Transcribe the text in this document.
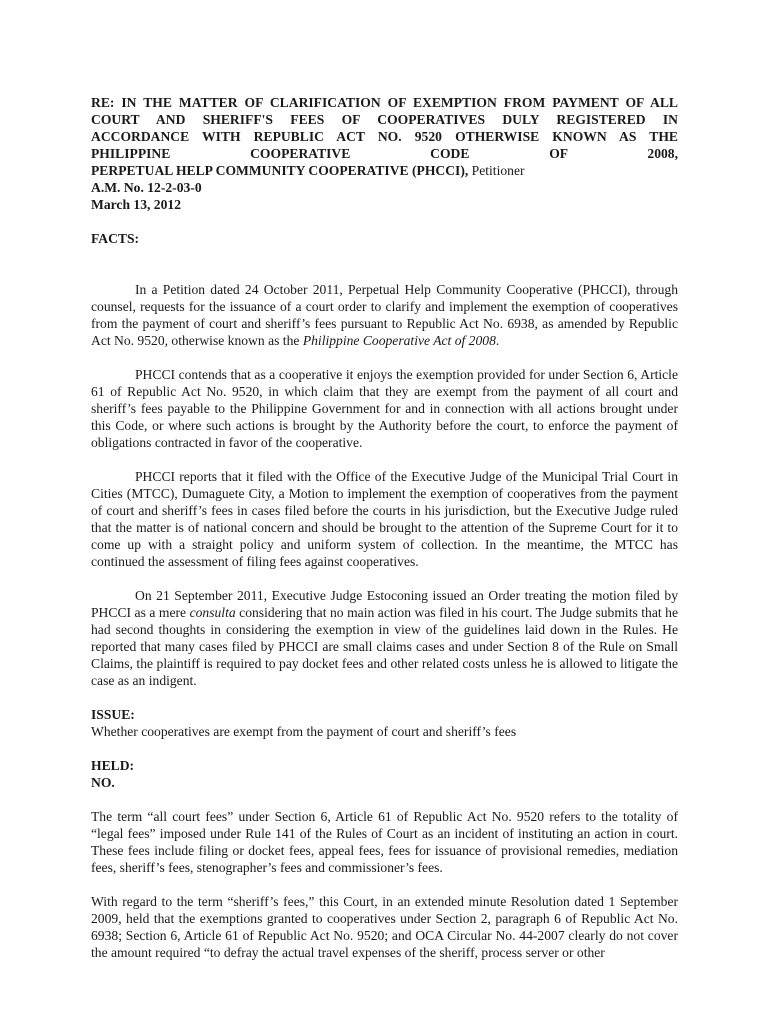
RE: IN THE MATTER OF CLARIFICATION OF EXEMPTION FROM PAYMENT OF ALL
COURT AND SHERIFF'S FEES OF COOPERATIVES DULY REGISTERED IN
ACCORDANCE WITH REPUBLIC ACT NO. 9520 OTHERWISE KNOWN AS THE
PHILIPPINE COOPERATIVE CODE OF 2008,
PERPETUAL HELP COMMUNITY COOPERATIVE (PHCCI), Petitioner
A.M. No. 12-2-03-0
March 13, 2012
FACTS:

In a Petition dated 24 October 2011, Perpetual Help Community Cooperative (PHCCI), through counsel, requests for the issuance of a court order to clarify and implement the exemption of cooperatives from the payment of court and sheriff’s fees pursuant to Republic Act No. 6938, as amended by Republic Act No. 9520, otherwise known as the Philippine Cooperative Act of 2008.

PHCCI contends that as a cooperative it enjoys the exemption provided for under Section 6, Article 61 of Republic Act No. 9520, in which claim that they are exempt from the payment of all court and sheriff’s fees payable to the Philippine Government for and in connection with all actions brought under this Code, or where such actions is brought by the Authority before the court, to enforce the payment of obligations contracted in favor of the cooperative.

PHCCI reports that it filed with the Office of the Executive Judge of the Municipal Trial Court in Cities (MTCC), Dumaguete City, a Motion to implement the exemption of cooperatives from the payment of court and sheriff’s fees in cases filed before the courts in his jurisdiction, but the Executive Judge ruled that the matter is of national concern and should be brought to the attention of the Supreme Court for it to come up with a straight policy and uniform system of collection. In the meantime, the MTCC has continued the assessment of filing fees against cooperatives.

On 21 September 2011, Executive Judge Estoconing issued an Order treating the motion filed by PHCCI as a mere consulta considering that no main action was filed in his court. The Judge submits that he had second thoughts in considering the exemption in view of the guidelines laid down in the Rules. He reported that many cases filed by PHCCI are small claims cases and under Section 8 of the Rule on Small Claims, the plaintiff is required to pay docket fees and other related costs unless he is allowed to litigate the case as an indigent.

ISSUE:

Whether cooperatives are exempt from the payment of court and sheriff’s fees

HELD:
NO.

The term “all court fees” under Section 6, Article 61 of Republic Act No. 9520 refers to the totality of “legal fees” imposed under Rule 141 of the Rules of Court as an incident of instituting an action in court. These fees include filing or docket fees, appeal fees, fees for issuance of provisional remedies, mediation fees, sheriff’s fees, stenographer’s fees and commissioner’s fees.

With regard to the term “sheriff’s fees,” this Court, in an extended minute Resolution dated 1 September 2009, held that the exemptions granted to cooperatives under Section 2, paragraph 6 of Republic Act No. 6938; Section 6, Article 61 of Republic Act No. 9520; and OCA Circular No. 44-2007 clearly do not cover the amount required “to defray the actual travel expenses of the sheriff, process server or other
